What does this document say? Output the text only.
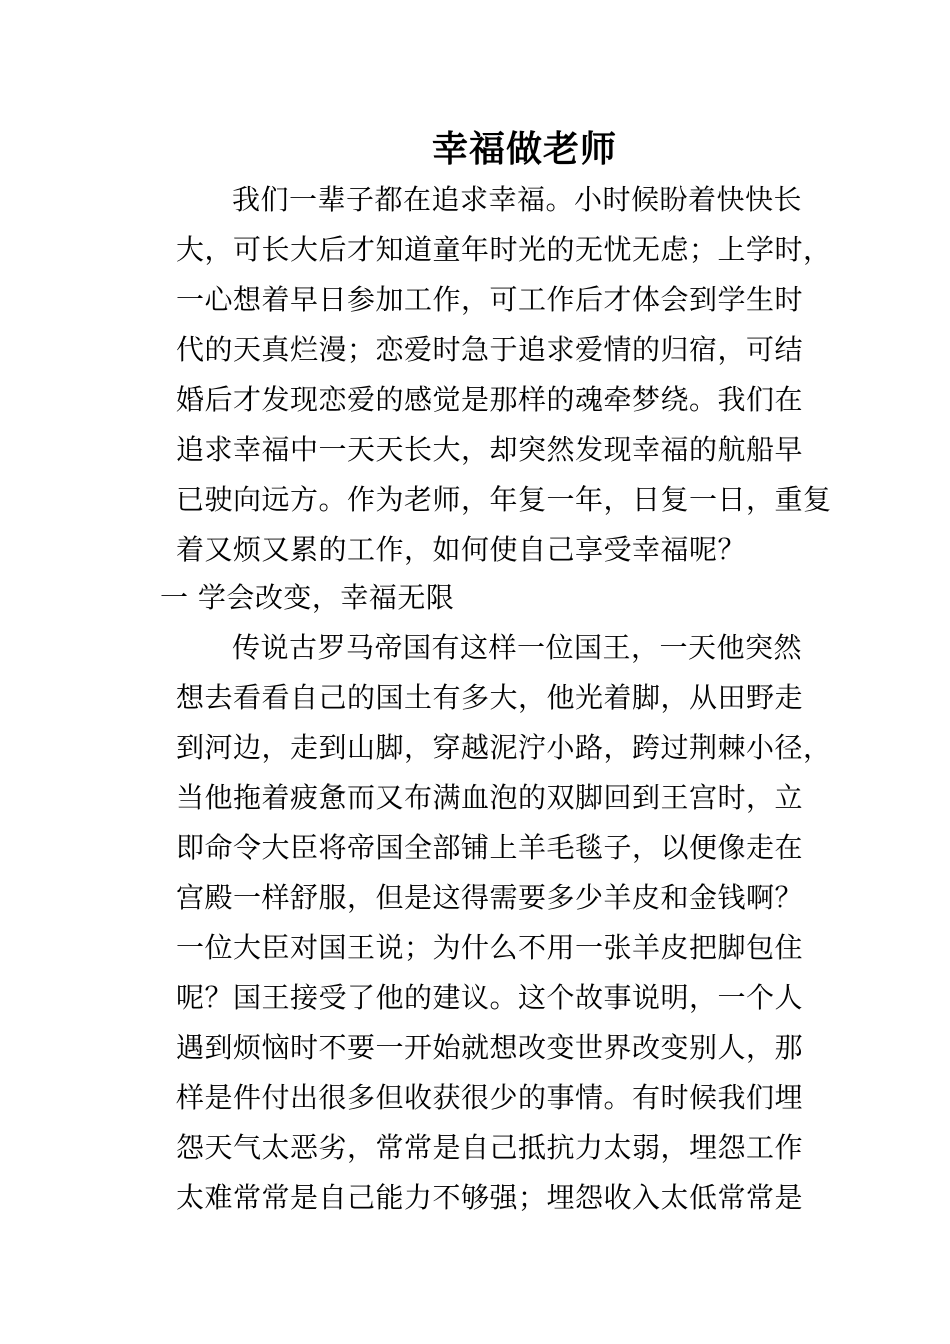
幸福做老师
我们一辈子都在追求幸福。小时候盼着快快长
大，可长大后才知道童年时光的无忧无虑；上学时，
一心想着早日参加工作，可工作后才体会到学生时
代的天真烂漫；恋爱时急于追求爱情的归宿，可结
婚后才发现恋爱的感觉是那样的魂牵梦绕。我们在
追求幸福中一天天长大，却突然发现幸福的航船早
已驶向远方。作为老师，年复一年，日复一日，重复
着又烦又累的工作，如何使自己享受幸福呢？
一 学会改变，幸福无限
传说古罗马帝国有这样一位国王，一天他突然
想去看看自己的国土有多大，他光着脚，从田野走
到河边，走到山脚，穿越泥泞小路，跨过荆棘小径，
当他拖着疲惫而又布满血泡的双脚回到王宫时，立
即命令大臣将帝国全部铺上羊毛毯子，以便像走在
宫殿一样舒服，但是这得需要多少羊皮和金钱啊？
一位大臣对国王说；为什么不用一张羊皮把脚包住
呢？国王接受了他的建议。这个故事说明，一个人
遇到烦恼时不要一开始就想改变世界改变别人，那
样是件付出很多但收获很少的事情。有时候我们埋
怨天气太恶劣，常常是自己抵抗力太弱，埋怨工作
太难常常是自己能力不够强；埋怨收入太低常常是
